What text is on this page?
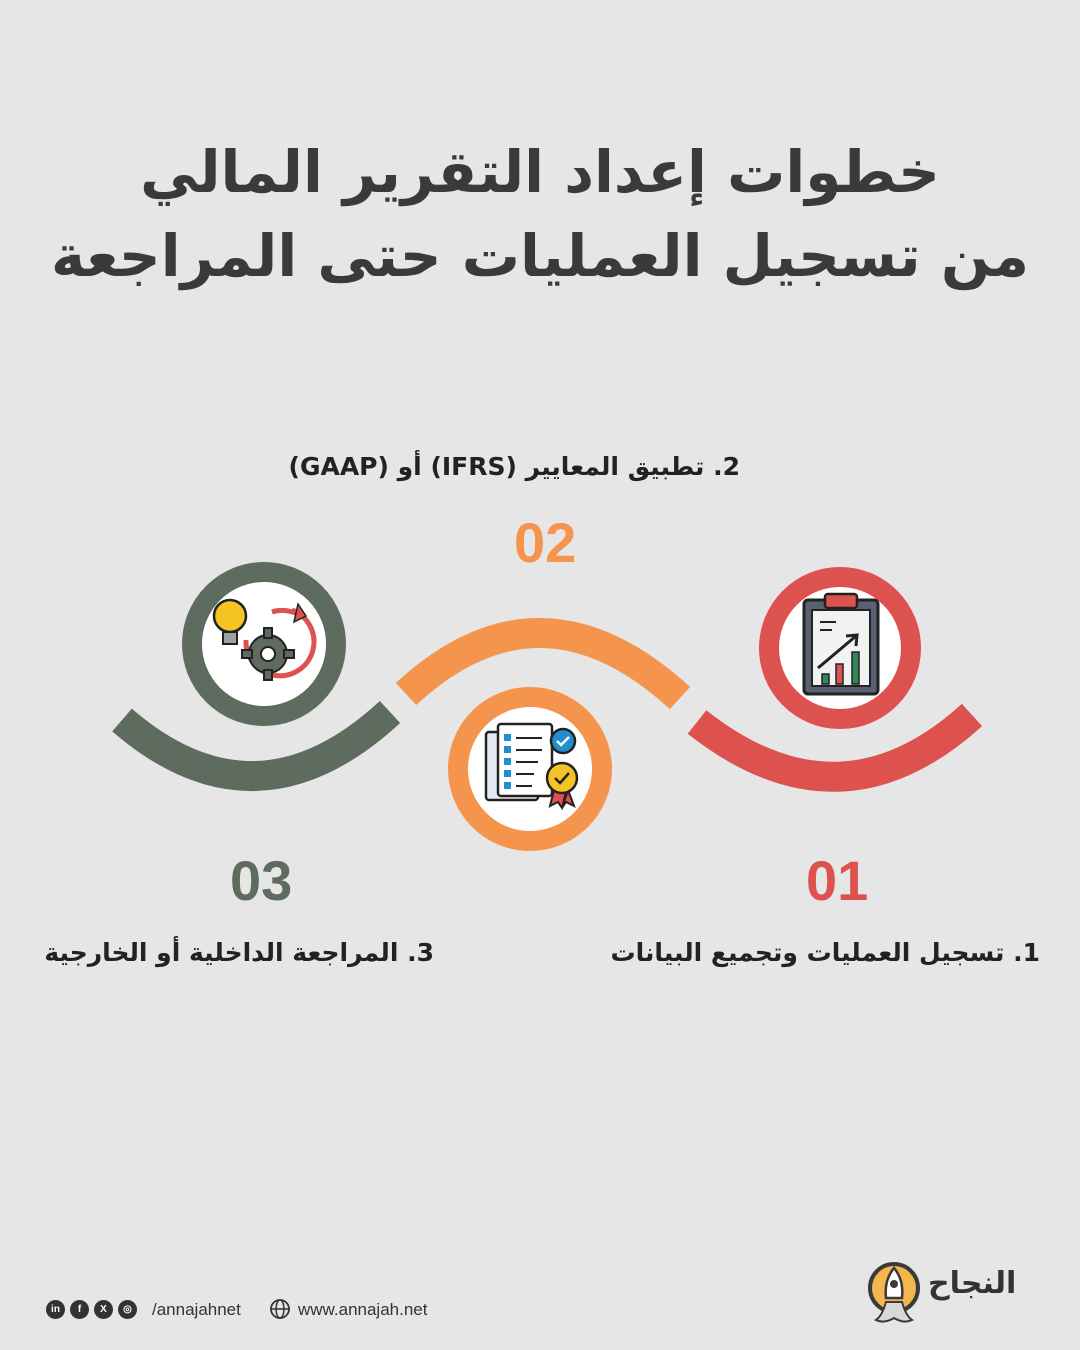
خطوات إعداد التقرير المالي
من تسجيل العمليات حتى المراجعة
02
01
03
2. تطبيق المعايير (IFRS) أو (GAAP)
1. تسجيل العمليات وتجميع البيانات
3. المراجعة الداخلية أو الخارجية
in	f	X	◎	/annajahnet	www.annajah.net
النجاح
